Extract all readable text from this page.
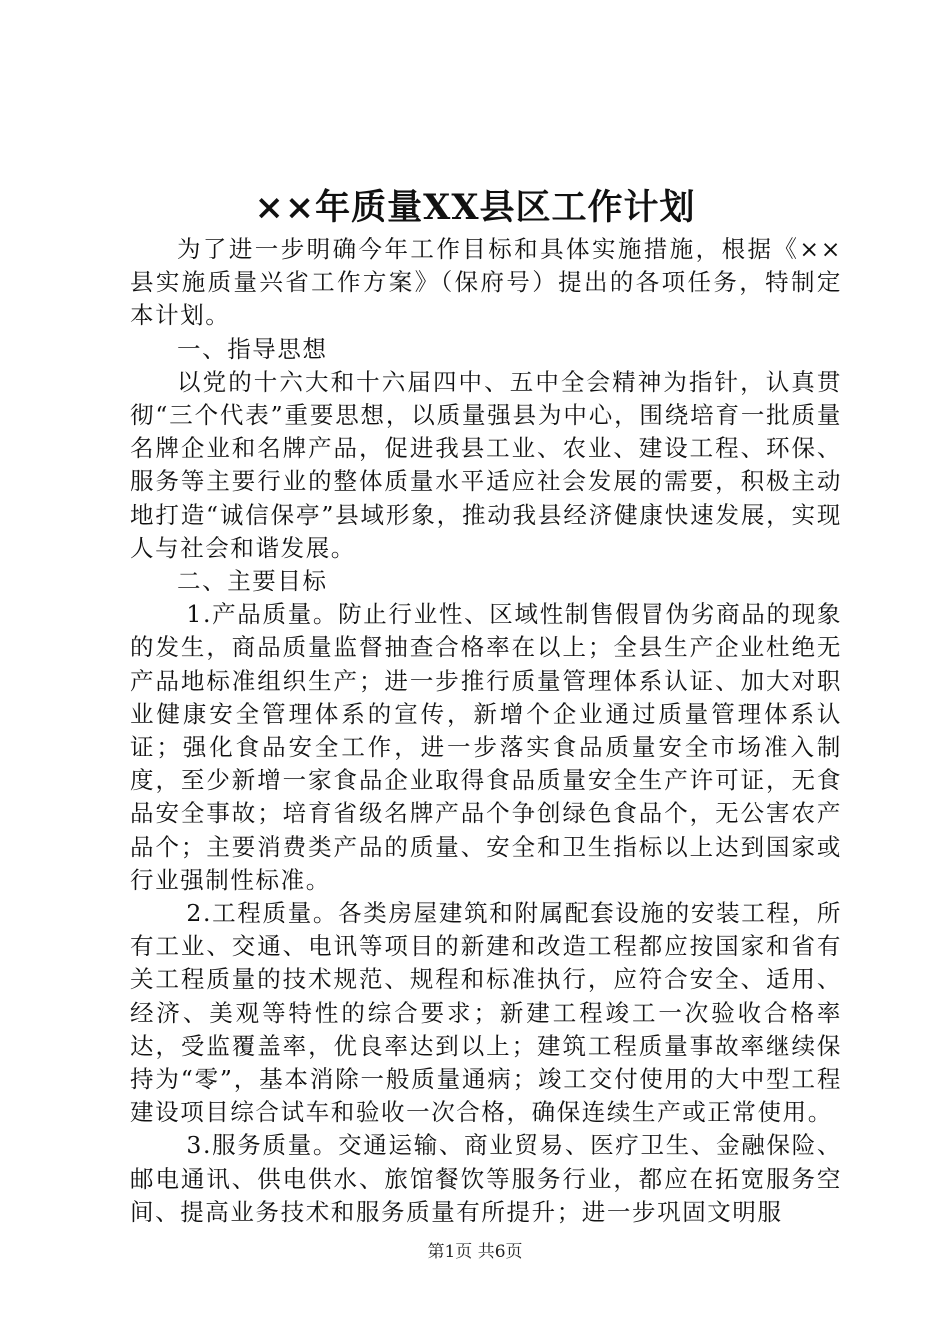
××年质量XX县区工作计划

为了进一步明确今年工作目标和具体实施措施，根据《××县实施质量兴省工作方案》（保府号）提出的各项任务，特制定本计划。

一、指导思想

以党的十六大和十六届四中、五中全会精神为指针，认真贯彻“三个代表”重要思想，以质量强县为中心，围绕培育一批质量名牌企业和名牌产品，促进我县工业、农业、建设工程、环保、服务等主要行业的整体质量水平适应社会发展的需要，积极主动地打造“诚信保亭”县域形象，推动我县经济健康快速发展，实现人与社会和谐发展。

二、主要目标

1.产品质量。防止行业性、区域性制售假冒伪劣商品的现象的发生，商品质量监督抽查合格率在以上；全县生产企业杜绝无产品地标准组织生产；进一步推行质量管理体系认证、加大对职业健康安全管理体系的宣传，新增个企业通过质量管理体系认证；强化食品安全工作，进一步落实食品质量安全市场准入制度，至少新增一家食品企业取得食品质量安全生产许可证，无食品安全事故；培育省级名牌产品个争创绿色食品个，无公害农产品个；主要消费类产品的质量、安全和卫生指标以上达到国家或行业强制性标准。

2.工程质量。各类房屋建筑和附属配套设施的安装工程，所有工业、交通、电讯等项目的新建和改造工程都应按国家和省有关工程质量的技术规范、规程和标准执行，应符合安全、适用、经济、美观等特性的综合要求；新建工程竣工一次验收合格率达，受监覆盖率，优良率达到以上；建筑工程质量事故率继续保持为“零”，基本消除一般质量通病；竣工交付使用的大中型工程建设项目综合试车和验收一次合格，确保连续生产或正常使用。

3.服务质量。交通运输、商业贸易、医疗卫生、金融保险、邮电通讯、供电供水、旅馆餐饮等服务行业，都应在拓宽服务空间、提高业务技术和服务质量有所提升；进一步巩固文明服

第1页 共6页
